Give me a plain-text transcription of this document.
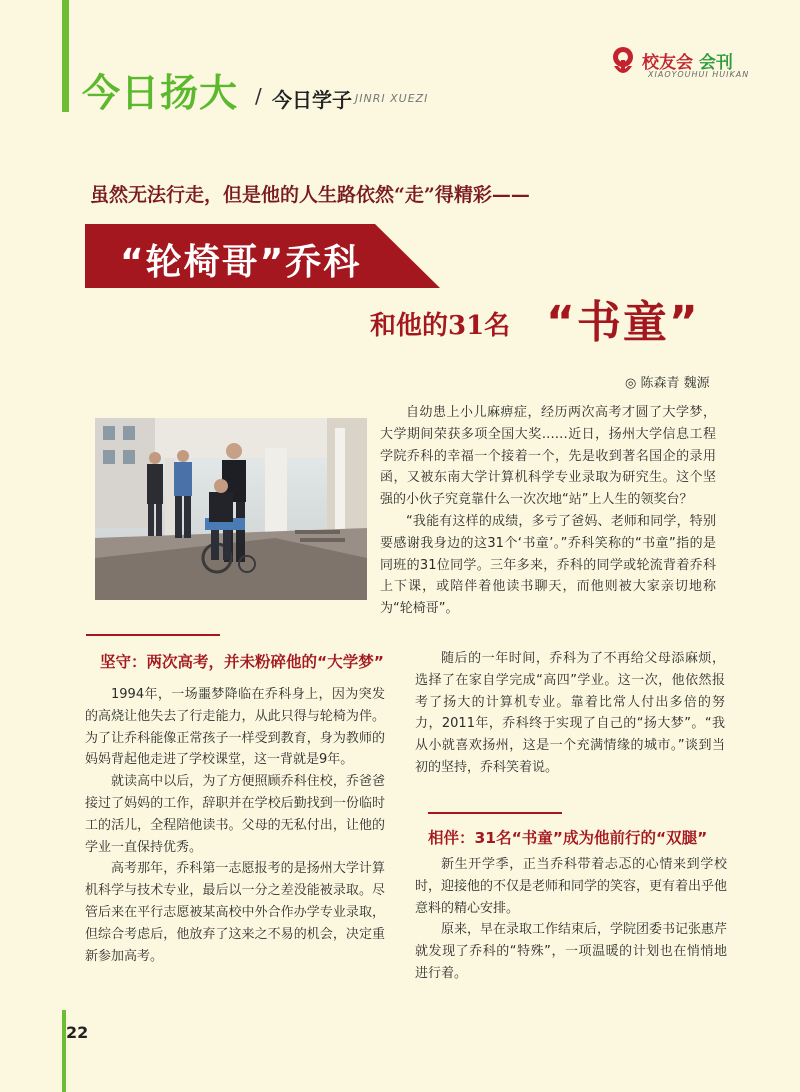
今日扬大 / 今日学子 JINRI XUEZI
校友会 会刊
XIAOYOUHUI HUIKAN
虽然无法行走，但是他的人生路依然“走”得精彩——
“轮椅哥”乔科
和他的31名 “书童”
◎ 陈森青 魏源

自幼患上小儿麻痹症，经历两次高考才圆了大学梦，大学期间荣获多项全国大奖……近日，扬州大学信息工程学院乔科的幸福一个接着一个，先是收到著名国企的录用函，又被东南大学计算机科学专业录取为研究生。这个坚强的小伙子究竟靠什么一次次地“站”上人生的领奖台？

“我能有这样的成绩，多亏了爸妈、老师和同学，特别要感谢我身边的这31个‘书童’。”乔科笑称的“书童”指的是同班的31位同学。三年多来，乔科的同学或轮流背着乔科上下课，或陪伴着他读书聊天，而他则被大家亲切地称为“轮椅哥”。

坚守：两次高考，并未粉碎他的“大学梦”

1994年，一场噩梦降临在乔科身上，因为突发的高烧让他失去了行走能力，从此只得与轮椅为伴。为了让乔科能像正常孩子一样受到教育，身为教师的妈妈背起他走进了学校课堂，这一背就是9年。

就读高中以后，为了方便照顾乔科住校，乔爸爸接过了妈妈的工作，辞职并在学校后勤找到一份临时工的活儿，全程陪他读书。父母的无私付出，让他的学业一直保持优秀。

高考那年，乔科第一志愿报考的是扬州大学计算机科学与技术专业，最后以一分之差没能被录取。尽管后来在平行志愿被某高校中外合作办学专业录取，但综合考虑后，他放弃了这来之不易的机会，决定重新参加高考。

随后的一年时间，乔科为了不再给父母添麻烦，选择了在家自学完成“高四”学业。这一次，他依然报考了扬大的计算机专业。靠着比常人付出多倍的努力，2011年，乔科终于实现了自己的“扬大梦”。“我从小就喜欢扬州，这是一个充满情缘的城市。”谈到当初的坚持，乔科笑着说。

相伴：31名“书童”成为他前行的“双腿”

新生开学季，正当乔科带着忐忑的心情来到学校时，迎接他的不仅是老师和同学的笑容，更有着出乎他意料的精心安排。

原来，早在录取工作结束后，学院团委书记张惠芹就发现了乔科的“特殊”，一项温暖的计划也在悄悄地进行着。

22
